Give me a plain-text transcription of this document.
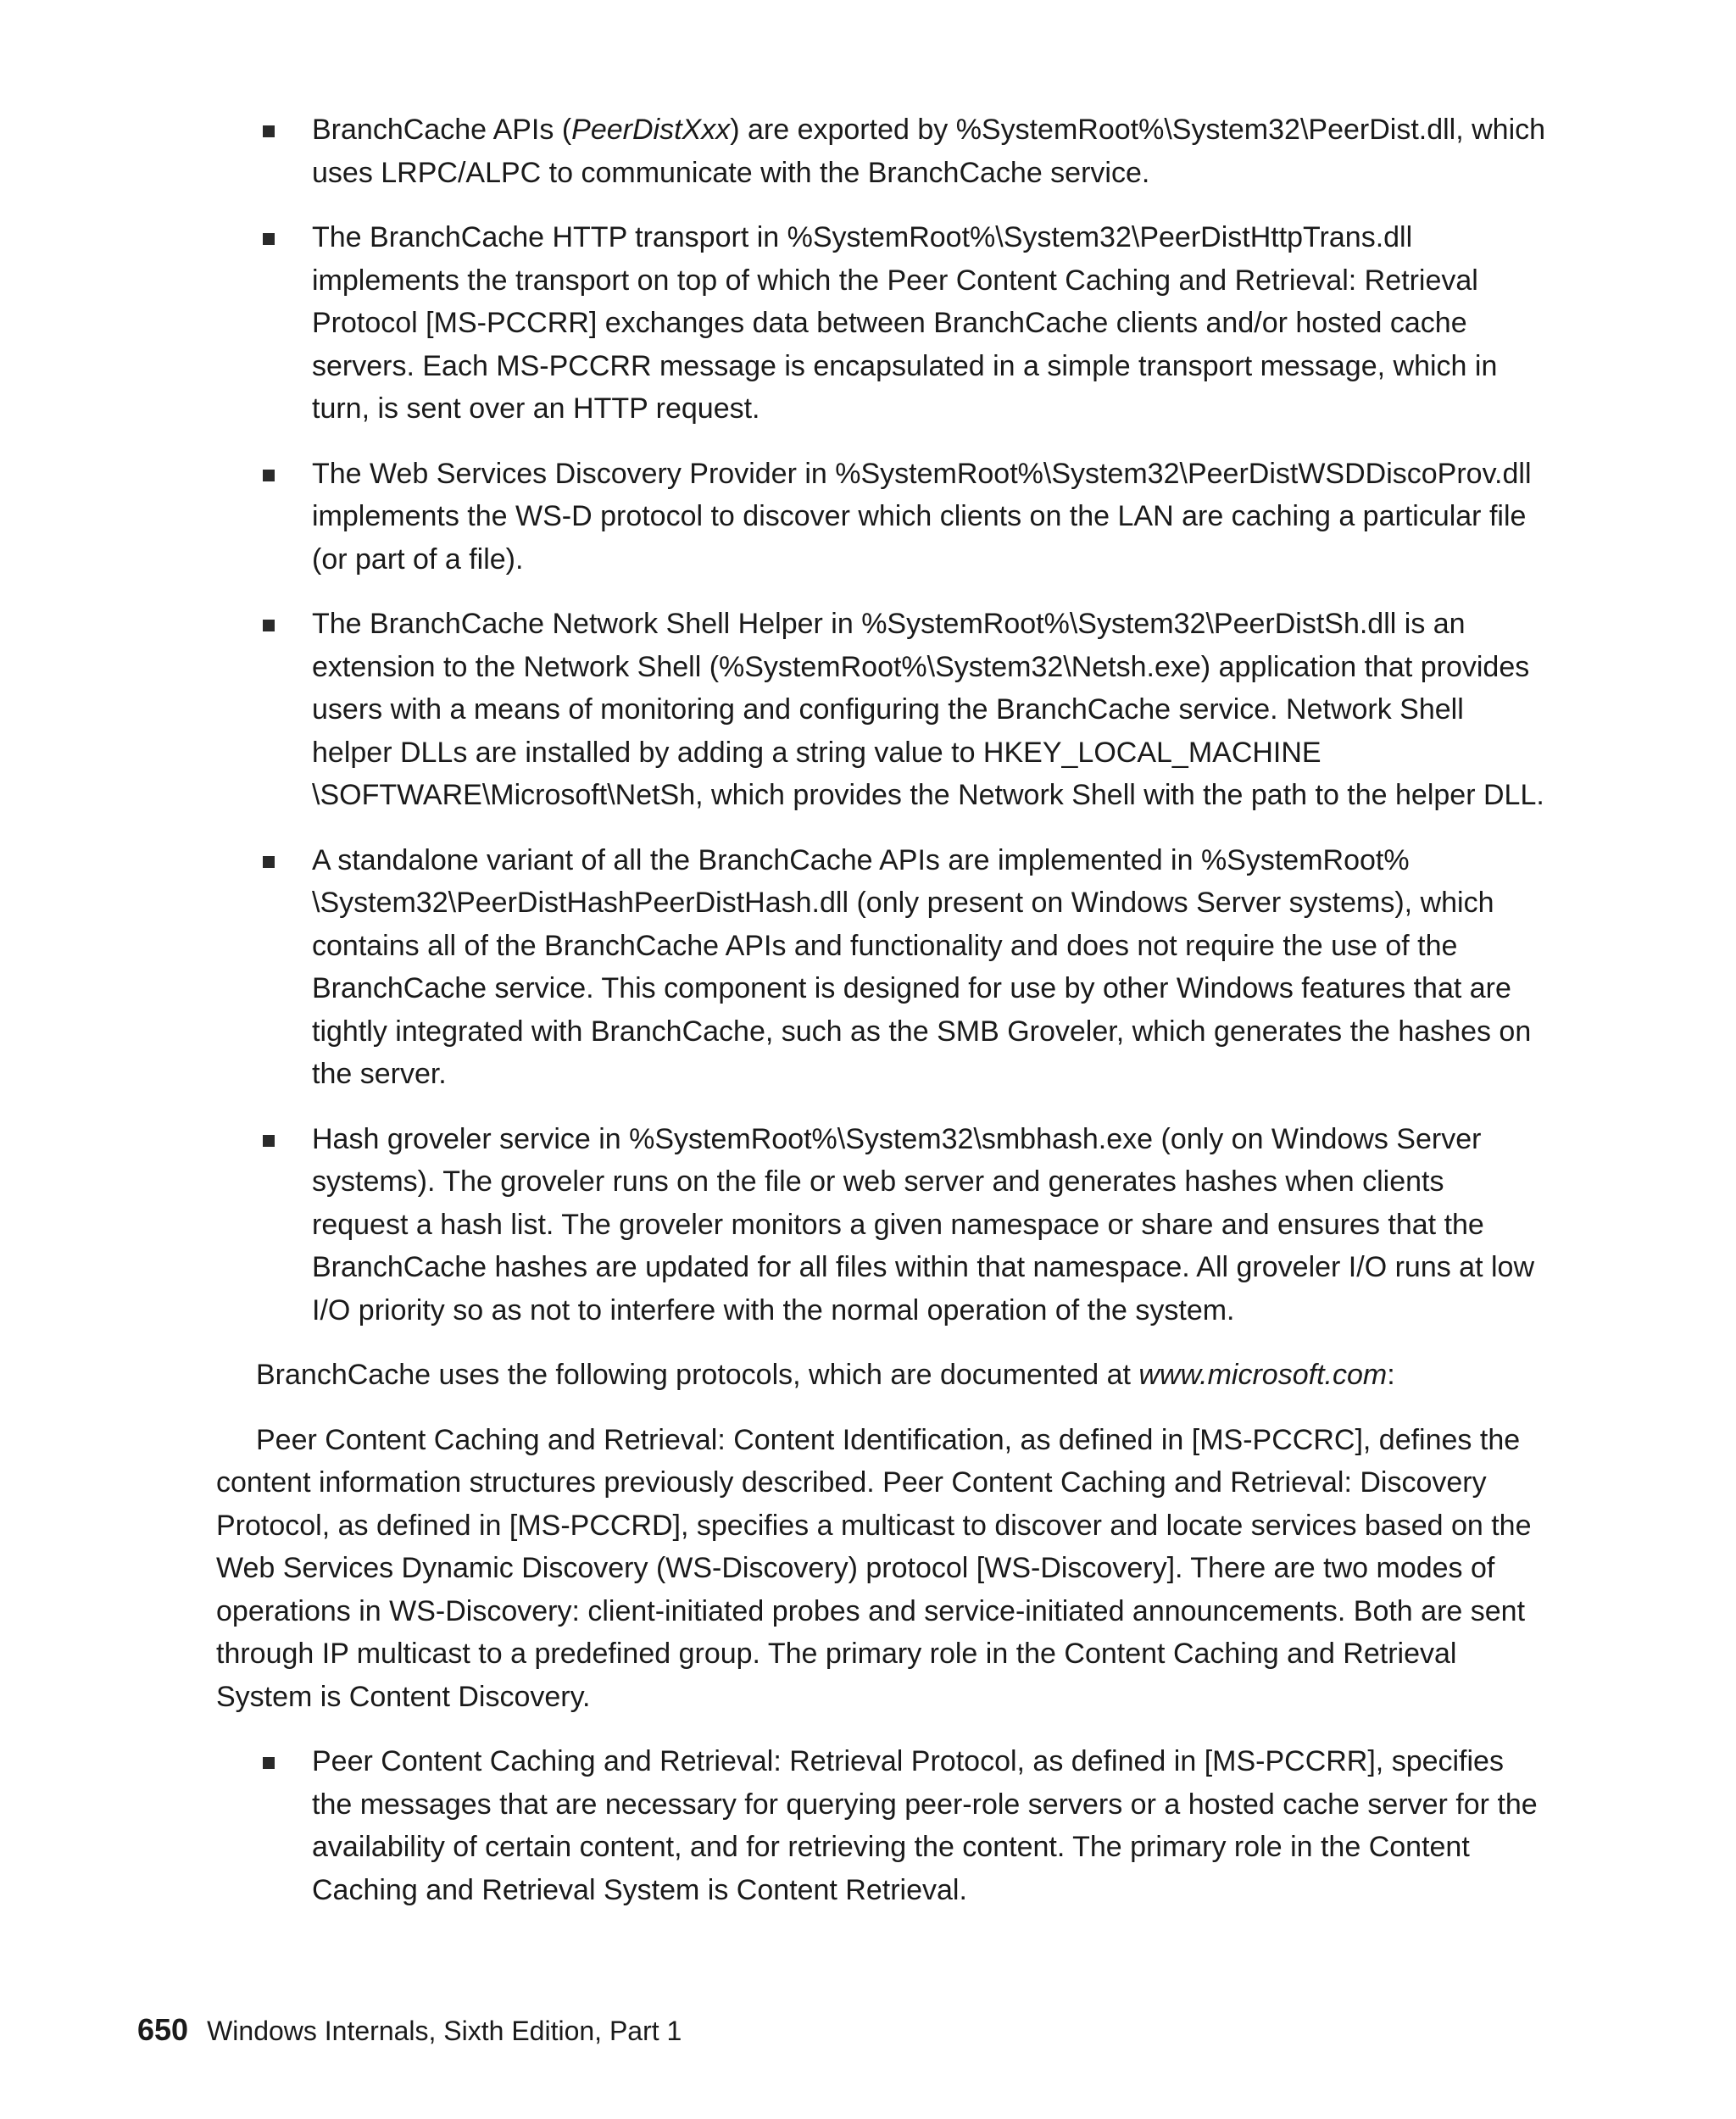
BranchCache APIs (PeerDistXxx) are exported by %SystemRoot%\System32\PeerDist.dll, which uses LRPC/ALPC to communicate with the BranchCache service.
The BranchCache HTTP transport in %SystemRoot%\System32\PeerDistHttpTrans.dll implements the transport on top of which the Peer Content Caching and Retrieval: Retrieval Protocol [MS-PCCRR] exchanges data between BranchCache clients and/or hosted cache servers. Each MS-PCCRR message is encapsulated in a simple transport message, which in turn, is sent over an HTTP request.
The Web Services Discovery Provider in %SystemRoot%\System32\PeerDistWSDDiscoProv.dll implements the WS-D protocol to discover which clients on the LAN are caching a particular file (or part of a file).
The BranchCache Network Shell Helper in %SystemRoot%\System32\PeerDistSh.dll is an extension to the Network Shell (%SystemRoot%\System32\Netsh.exe) application that provides users with a means of monitoring and configuring the BranchCache service. Network Shell helper DLLs are installed by adding a string value to HKEY_LOCAL_MACHINE \SOFTWARE\Microsoft\NetSh, which provides the Network Shell with the path to the helper DLL.
A standalone variant of all the BranchCache APIs are implemented in %SystemRoot% \System32\PeerDistHashPeerDistHash.dll (only present on Windows Server systems), which contains all of the BranchCache APIs and functionality and does not require the use of the BranchCache service. This component is designed for use by other Windows features that are tightly integrated with BranchCache, such as the SMB Groveler, which generates the hashes on the server.
Hash groveler service in %SystemRoot%\System32\smbhash.exe (only on Windows Server systems). The groveler runs on the file or web server and generates hashes when clients request a hash list. The groveler monitors a given namespace or share and ensures that the BranchCache hashes are updated for all files within that namespace. All groveler I/O runs at low I/O priority so as not to interfere with the normal operation of the system.

BranchCache uses the following protocols, which are documented at www.microsoft.com:

Peer Content Caching and Retrieval: Content Identification, as defined in [MS-PCCRC], defines the content information structures previously described. Peer Content Caching and Retrieval: Discovery Protocol, as defined in [MS-PCCRD], specifies a multicast to discover and locate services based on the Web Services Dynamic Discovery (WS-Discovery) protocol [WS-Discovery]. There are two modes of operations in WS-Discovery: client-initiated probes and service-initiated announcements. Both are sent through IP multicast to a predefined group. The primary role in the Content Caching and Retrieval System is Content Discovery.

Peer Content Caching and Retrieval: Retrieval Protocol, as defined in [MS-PCCRR], specifies the messages that are necessary for querying peer-role servers or a hosted cache server for the availability of certain content, and for retrieving the content. The primary role in the Content Caching and Retrieval System is Content Retrieval.
650 Windows Internals, Sixth Edition, Part 1
